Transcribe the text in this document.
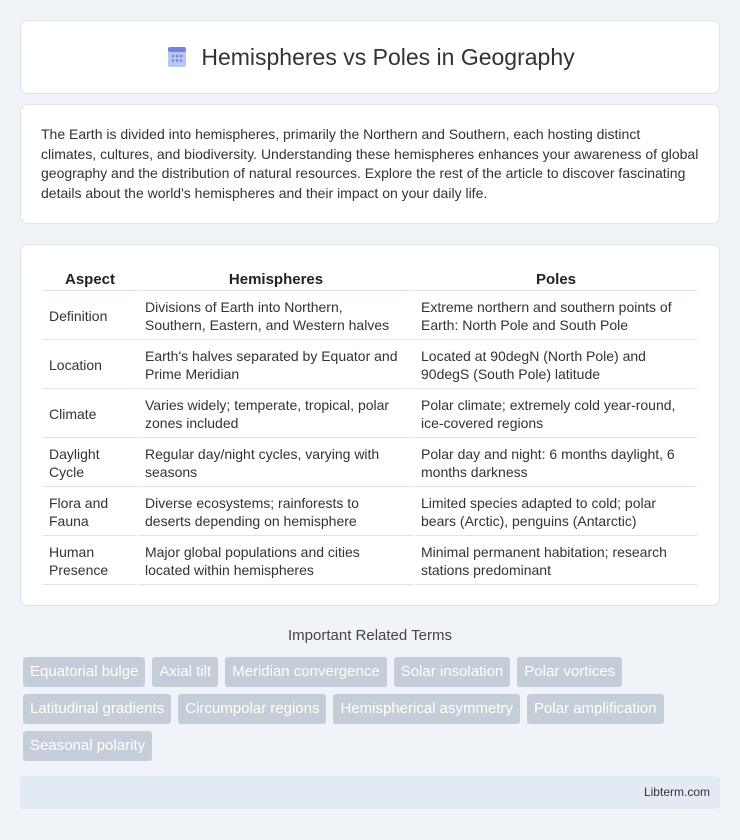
Hemispheres vs Poles in Geography

The Earth is divided into hemispheres, primarily the Northern and Southern, each hosting distinct climates, cultures, and biodiversity. Understanding these hemispheres enhances your awareness of global geography and the distribution of natural resources. Explore the rest of the article to discover fascinating details about the world's hemispheres and their impact on your daily life.

Aspect	Hemispheres	Poles
Definition	Divisions of Earth into Northern, Southern, Eastern, and Western halves	Extreme northern and southern points of Earth: North Pole and South Pole
Location	Earth's halves separated by Equator and Prime Meridian	Located at 90degN (North Pole) and 90degS (South Pole) latitude
Climate	Varies widely; temperate, tropical, polar zones included	Polar climate; extremely cold year-round, ice-covered regions
Daylight Cycle	Regular day/night cycles, varying with seasons	Polar day and night: 6 months daylight, 6 months darkness
Flora and Fauna	Diverse ecosystems; rainforests to deserts depending on hemisphere	Limited species adapted to cold; polar bears (Arctic), penguins (Antarctic)
Human Presence	Major global populations and cities located within hemispheres	Minimal permanent habitation; research stations predominant
Important Related Terms
Equatorial bulge	Axial tilt	Meridian convergence	Solar insolation	Polar vortices
Latitudinal gradients	Circumpolar regions	Hemispherical asymmetry	Polar amplification
Seasonal polarity
Libterm.com
